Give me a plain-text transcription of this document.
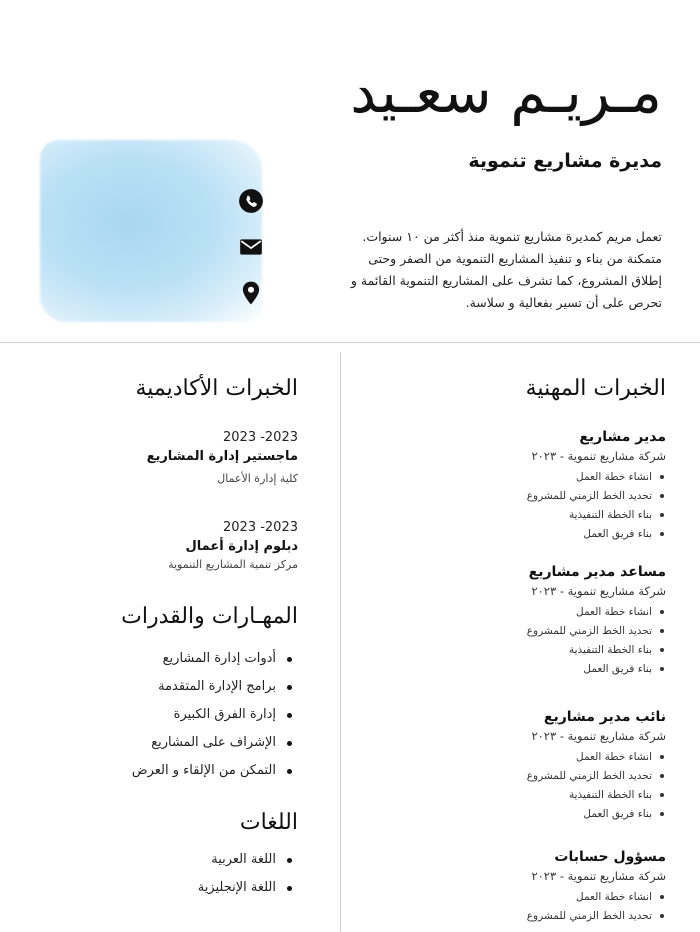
مـريـم سعـيد
مديرة مشاريع تنموية
تعمل مريم كمديرة مشاريع تنموية منذ أكثر من ١٠ سنوات. متمكنة من بناء و تنفيذ المشاريع التنموية من الصفر وحتى إطلاق المشروع، كما تشرف على المشاريع التنموية القائمة و تحرص على أن تسير بفعالية و سلاسة.
الخبرات المهنية
مدير مشاريع
شركة مشاريع تنموية - ٢٠٢٣
انشاء خطة العمل
تحديد الخط الزمني للمشروع
بناء الخطة التنفيذية
بناء فريق العمل
مساعد مدير مشاريع
شركة مشاريع تنموية - ٢٠٢٣
انشاء خطة العمل
تحديد الخط الزمني للمشروع
بناء الخطة التنفيذية
بناء فريق العمل
نائب مدير مشاريع
شركة مشاريع تنموية - ٢٠٢٣
انشاء خطة العمل
تحديد الخط الزمني للمشروع
بناء الخطة التنفيذية
بناء فريق العمل
مسؤول حسابات
شركة مشاريع تنموية - ٢٠٢٣
انشاء خطة العمل
تحديد الخط الزمني للمشروع
الخبرات الأكاديمية
2023 -2023
ماجستير إدارة المشاريع
كلية إدارة الأعمال
2023 -2023
دبلوم إدارة أعمال
مركز تنمية المشاريع التنموية
المهـارات والقدرات
أدوات إدارة المشاريع
برامج الإدارة المتقدمة
إدارة الفرق الكبيرة
الإشراف على المشاريع
التمكن من الإلقاء و العرض
اللغات
اللغة العربية
اللغة الإنجليزية
